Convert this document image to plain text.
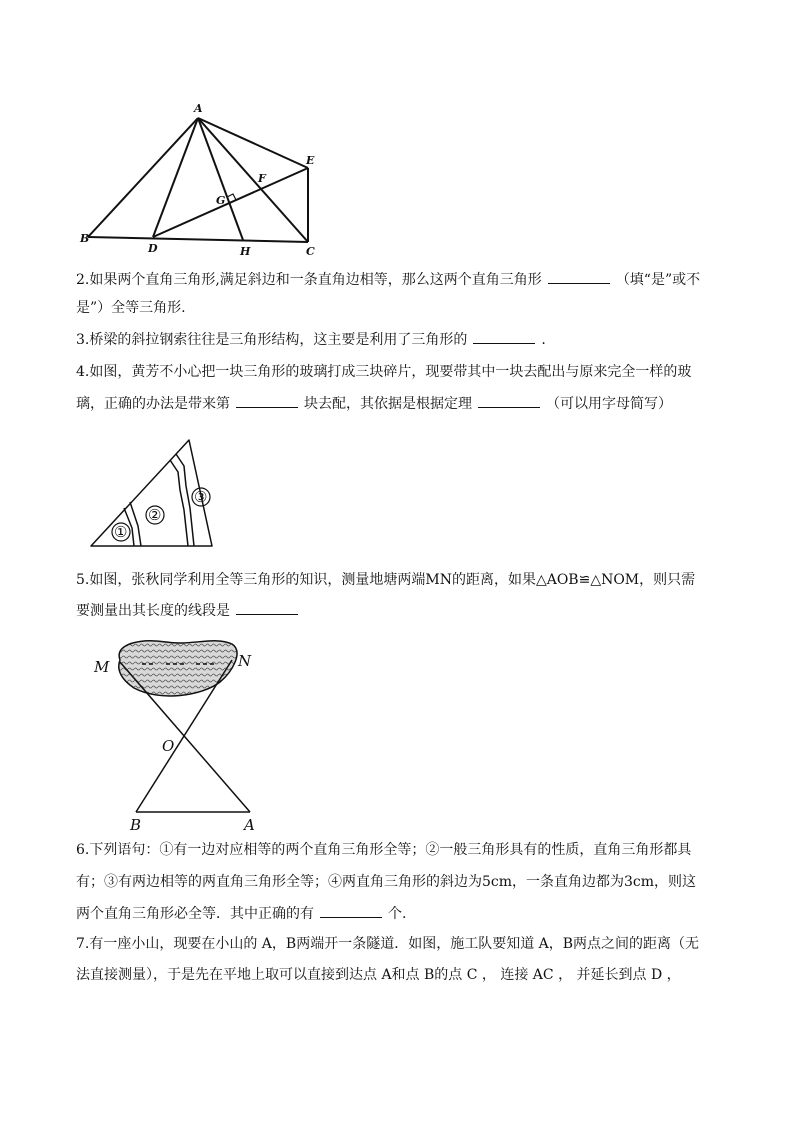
A
B
C
D
E
F
G
H
2.如果两个直角三角形,满足斜边和一条直角边相等，那么这两个直角三角形	（填“是”或不
是”）全等三角形.
3.桥梁的斜拉钢索往往是三角形结构，这主要是利用了三角形的	.
4.如图，黄芳不小心把一块三角形的玻璃打成三块碎片，现要带其中一块去配出与原来完全一样的玻
璃，正确的办法是带来第	块去配，其依据是根据定理	（可以用字母简写）
①
②
③
5.如图，张秋同学利用全等三角形的知识，测量地塘两端MN的距离，如果△AOB≌△NOM，则只需
要测量出其长度的线段是
M	N
O
B	A
6.下列语句：①有一边对应相等的两个直角三角形全等；②一般三角形具有的性质，直角三角形都具
有；③有两边相等的两直角三角形全等；④两直角三角形的斜边为5cm，一条直角边都为3cm，则这
两个直角三角形必全等．其中正确的有	个.
7.有一座小山，现要在小山的 A，B两端开一条隧道．如图，施工队要知道 A，B两点之间的距离（无
法直接测量），于是先在平地上取可以直接到达点 A和点 B的点 C ， 连接 AC ， 并延长到点 D ，
